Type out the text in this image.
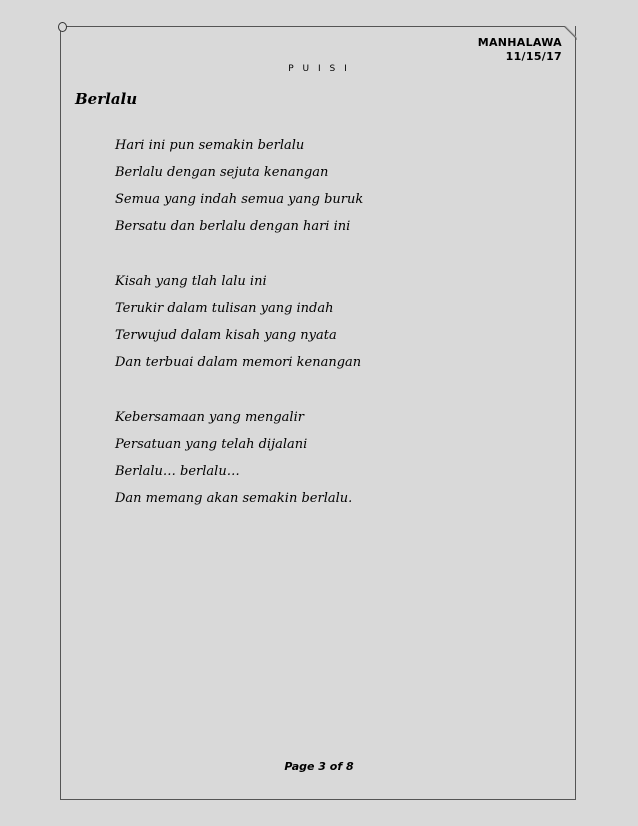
MANHALAWA
11/15/17
P U I S I
Berlalu
Hari ini pun semakin berlalu
Berlalu dengan sejuta kenangan
Semua yang indah semua yang buruk
Bersatu dan berlalu dengan hari ini
Kisah yang tlah lalu ini
Terukir dalam tulisan yang indah
Terwujud dalam kisah yang nyata
Dan terbuai dalam memori kenangan
Kebersamaan yang mengalir
Persatuan yang telah dijalani
Berlalu… berlalu…
Dan memang akan semakin berlalu.
Page 3 of 8
